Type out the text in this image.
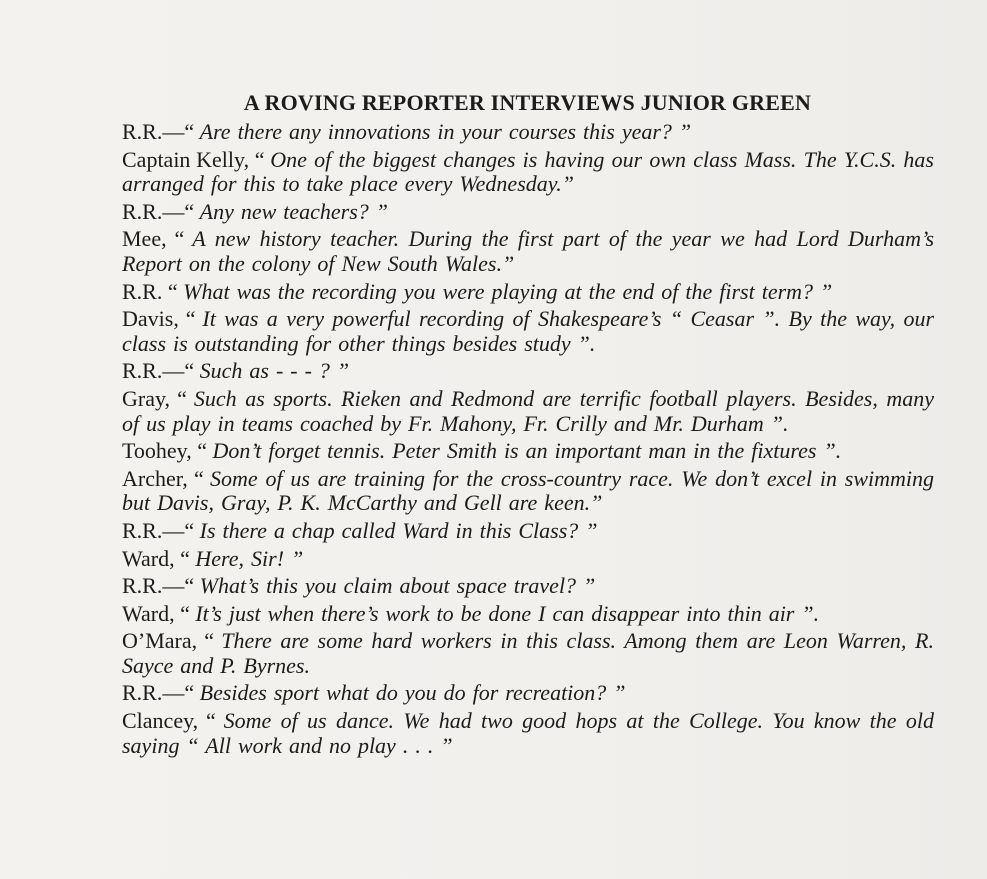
A ROVING REPORTER INTERVIEWS JUNIOR GREEN

R.R.—“ Are there any innovations in your courses this year? ”

Captain Kelly, “ One of the biggest changes is having our own class Mass. The Y.C.S. has arranged for this to take place every Wednesday.”

R.R.—“ Any new teachers? ”

Mee, “ A new history teacher. During the first part of the year we had Lord Durham’s Report on the colony of New South Wales.”

R.R. “ What was the recording you were playing at the end of the first term? ”

Davis, “ It was a very powerful recording of Shakespeare’s “ Ceasar ”. By the way, our class is outstanding for other things besides study ”.

R.R.—“ Such as - - - ? ”

Gray, “ Such as sports. Rieken and Redmond are terrific football players. Besides, many of us play in teams coached by Fr. Mahony, Fr. Crilly and Mr. Durham ”.

Toohey, “ Don’t forget tennis. Peter Smith is an important man in the fixtures ”.

Archer, “ Some of us are training for the cross-country race. We don’t excel in swimming but Davis, Gray, P. K. McCarthy and Gell are keen.”

R.R.—“ Is there a chap called Ward in this Class? ”

Ward, “ Here, Sir! ”

R.R.—“ What’s this you claim about space travel? ”

Ward, “ It’s just when there’s work to be done I can disappear into thin air ”.

O’Mara, “ There are some hard workers in this class. Among them are Leon Warren, R. Sayce and P. Byrnes.

R.R.—“ Besides sport what do you do for recreation? ”

Clancey, “ Some of us dance. We had two good hops at the College. You know the old saying “ All work and no play . . . ”
